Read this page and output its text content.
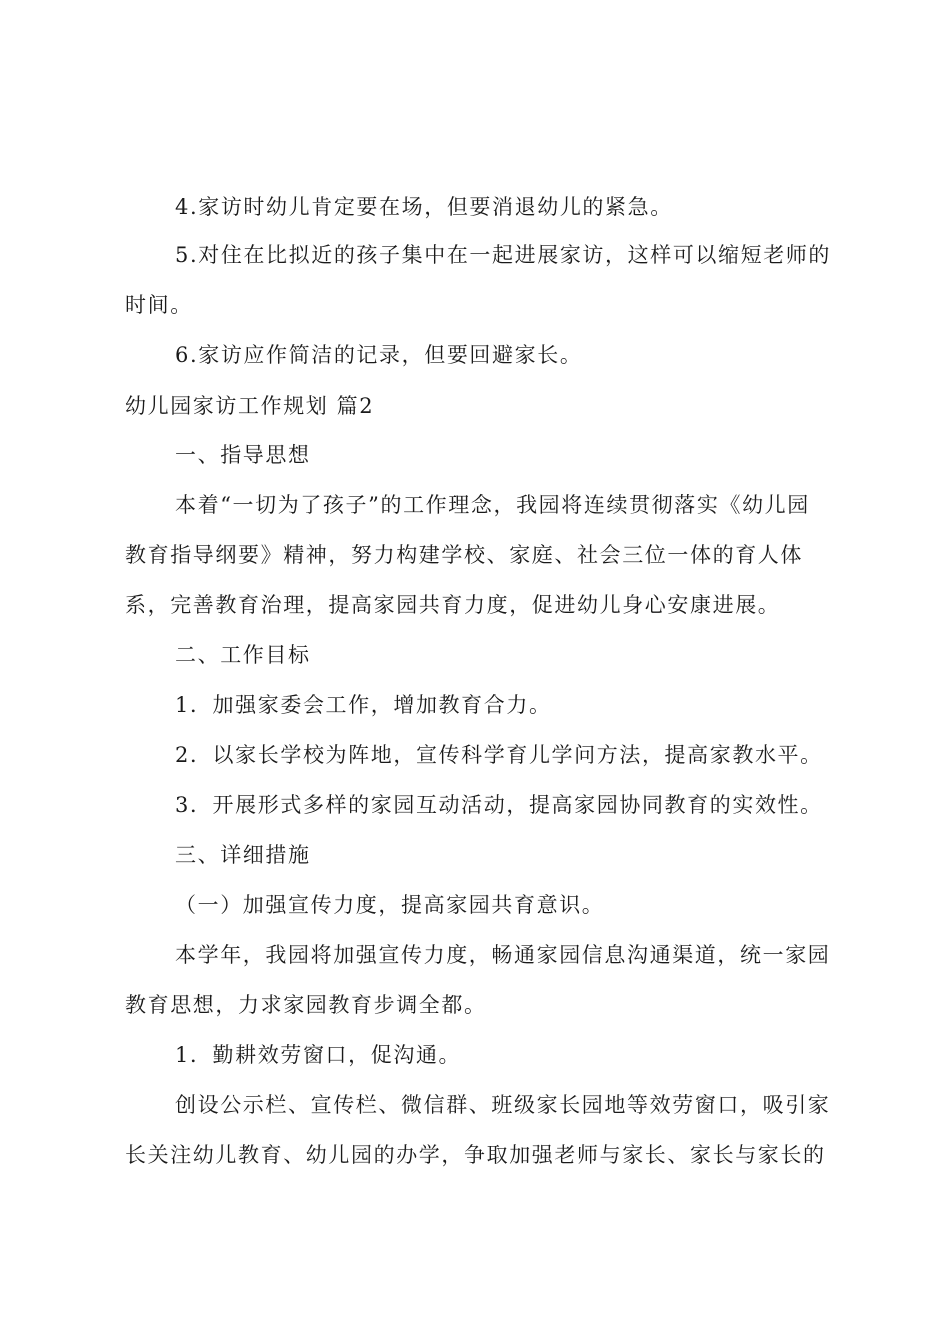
4.家访时幼儿肯定要在场，但要消退幼儿的紧急。
5.对住在比拟近的孩子集中在一起进展家访，这样可以缩短老师的
时间。
6.家访应作简洁的记录，但要回避家长。
幼儿园家访工作规划 篇2
一、指导思想
本着“一切为了孩子”的工作理念，我园将连续贯彻落实《幼儿园
教育指导纲要》精神，努力构建学校、家庭、社会三位一体的育人体
系，完善教育治理，提高家园共育力度，促进幼儿身心安康进展。
二、工作目标
1．加强家委会工作，增加教育合力。
2．以家长学校为阵地，宣传科学育儿学问方法，提高家教水平。
3．开展形式多样的家园互动活动，提高家园协同教育的实效性。
三、详细措施
（一）加强宣传力度，提高家园共育意识。
本学年，我园将加强宣传力度，畅通家园信息沟通渠道，统一家园
教育思想，力求家园教育步调全都。
1．勤耕效劳窗口，促沟通。
创设公示栏、宣传栏、微信群、班级家长园地等效劳窗口，吸引家
长关注幼儿教育、幼儿园的办学，争取加强老师与家长、家长与家长的
